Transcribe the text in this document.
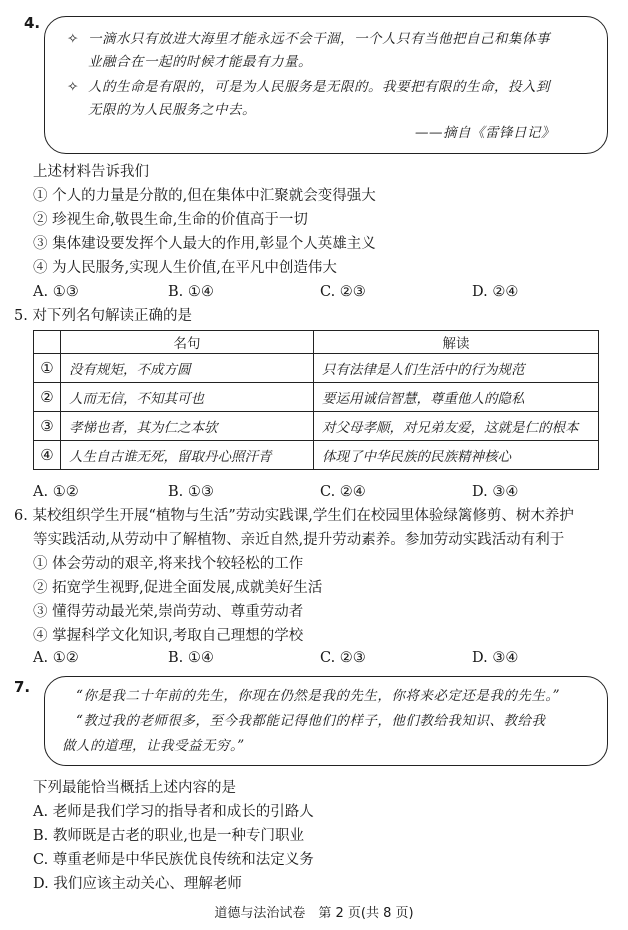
4.
✧ 一滴水只有放进大海里才能永远不会干涸，一个人只有当他把自己和集体事
业融合在一起的时候才能最有力量。
✧ 人的生命是有限的，可是为人民服务是无限的。我要把有限的生命，投入到
无限的为人民服务之中去。
——摘自《雷锋日记》
上述材料告诉我们
① 个人的力量是分散的,但在集体中汇聚就会变得强大
② 珍视生命,敬畏生命,生命的价值高于一切
③ 集体建设要发挥个人最大的作用,彰显个人英雄主义
④ 为人民服务,实现人生价值,在平凡中创造伟大
A. ①③	B. ①④	C. ②③	D. ②④
5. 对下列名句解读正确的是
	名句	解读
①	没有规矩，不成方圆	只有法律是人们生活中的行为规范
②	人而无信，不知其可也	要运用诚信智慧，尊重他人的隐私
③	孝悌也者，其为仁之本欤	对父母孝顺，对兄弟友爱，这就是仁的根本
④	人生自古谁无死，留取丹心照汗青	体现了中华民族的民族精神核心
A. ①②	B. ①③	C. ②④	D. ③④
6. 某校组织学生开展“植物与生活”劳动实践课,学生们在校园里体验绿篱修剪、树木养护
等实践活动,从劳动中了解植物、亲近自然,提升劳动素养。参加劳动实践活动有利于
① 体会劳动的艰辛,将来找个较轻松的工作
② 拓宽学生视野,促进全面发展,成就美好生活
③ 懂得劳动最光荣,崇尚劳动、尊重劳动者
④ 掌握科学文化知识,考取自己理想的学校
A. ①②	B. ①④	C. ②③	D. ③④
7.	“你是我二十年前的先生，你现在仍然是我的先生，你将来必定还是我的先生。”
“教过我的老师很多，至今我都能记得他们的样子，他们教给我知识、教给我
做人的道理，让我受益无穷。”
下列最能恰当概括上述内容的是
A. 老师是我们学习的指导者和成长的引路人
B. 教师既是古老的职业,也是一种专门职业
C. 尊重老师是中华民族优良传统和法定义务
D. 我们应该主动关心、理解老师
道德与法治试卷　第 2 页(共 8 页)
